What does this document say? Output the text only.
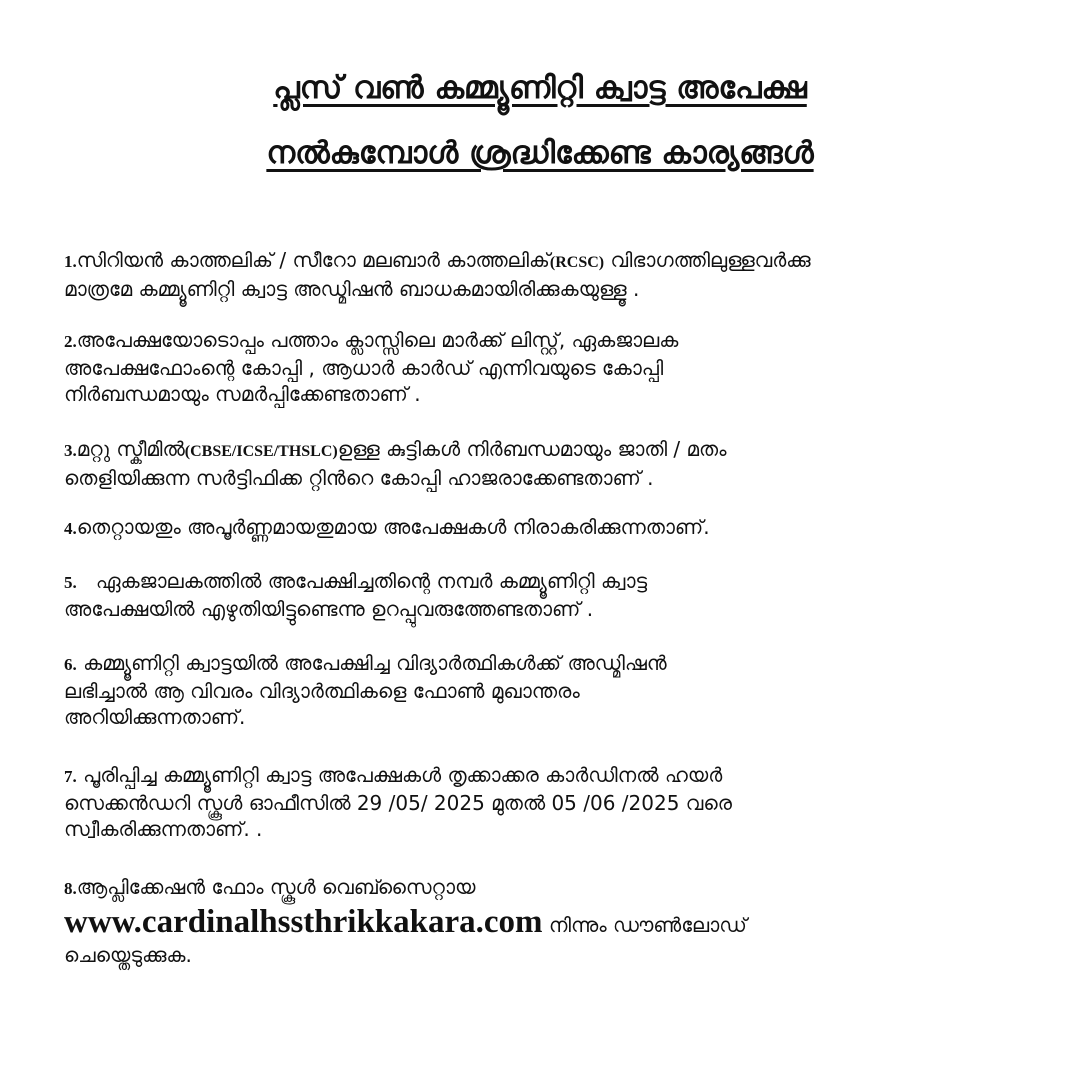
പ്ലസ് വൺ കമ്മ്യൂണിറ്റി ക്വാട്ട അപേക്ഷ
നൽകുമ്പോൾ ശ്രദ്ധിക്കേണ്ട കാര്യങ്ങൾ
1.സിറിയൻ കാത്തലിക് / സീറോ മലബാർ കാത്തലിക്(RCSC) വിഭാഗത്തിലുള്ളവർക്കു
മാത്രമേ കമ്മ്യൂണിറ്റി ക്വാട്ട അഡ്മിഷൻ ബാധകമായിരിക്കുകയുള്ളൂ .
2.അപേക്ഷയോടൊപ്പം പത്താം ക്ലാസ്സിലെ മാർക്ക് ലിസ്റ്റ്, ഏകജാലക
അപേക്ഷഫോംന്റെ കോപ്പി , ആധാർ കാർഡ് എന്നിവയുടെ കോപ്പി
നിർബന്ധമായും സമർപ്പിക്കേണ്ടതാണ് .
3.മറ്റു സ്കീമിൽ(CBSE/ICSE/THSLC)ഉള്ള കുട്ടികൾ നിർബന്ധമായും ജാതി / മതം
തെളിയിക്കുന്ന സർട്ടിഫിക്ക റ്റിൻറെ കോപ്പി ഹാജരാക്കേണ്ടതാണ് .
4.തെറ്റായതും അപൂർണ്ണമായതുമായ അപേക്ഷകൾ നിരാകരിക്കുന്നതാണ്.
5. ഏകജാലകത്തിൽ അപേക്ഷിച്ചതിന്റെ നമ്പർ കമ്മ്യൂണിറ്റി ക്വാട്ട
അപേക്ഷയിൽ എഴുതിയിട്ടുണ്ടെന്നു ഉറപ്പുവരുത്തേണ്ടതാണ് .
6. കമ്മ്യൂണിറ്റി ക്വാട്ടയിൽ അപേക്ഷിച്ച വിദ്യാർത്ഥികൾക്ക് അഡ്മിഷൻ
ലഭിച്ചാൽ ആ വിവരം വിദ്യാർത്ഥികളെ ഫോൺ മുഖാന്തരം
അറിയിക്കുന്നതാണ്.
7. പൂരിപ്പിച്ച കമ്മ്യൂണിറ്റി ക്വാട്ട അപേക്ഷകൾ തൃക്കാക്കര കാർഡിനൽ ഹയർ
സെക്കൻഡറി സ്കൂൾ ഓഫീസിൽ 29 /05/ 2025 മുതൽ 05 /06 /2025 വരെ
സ്വീകരിക്കുന്നതാണ്. .
8.ആപ്ലിക്കേഷൻ ഫോം സ്കൂൾ വെബ്സൈറ്റായ
www.cardinalhssthrikkakara.com നിന്നും ഡൗൺലോഡ്
ചെയ്തെടുക്കുക.
